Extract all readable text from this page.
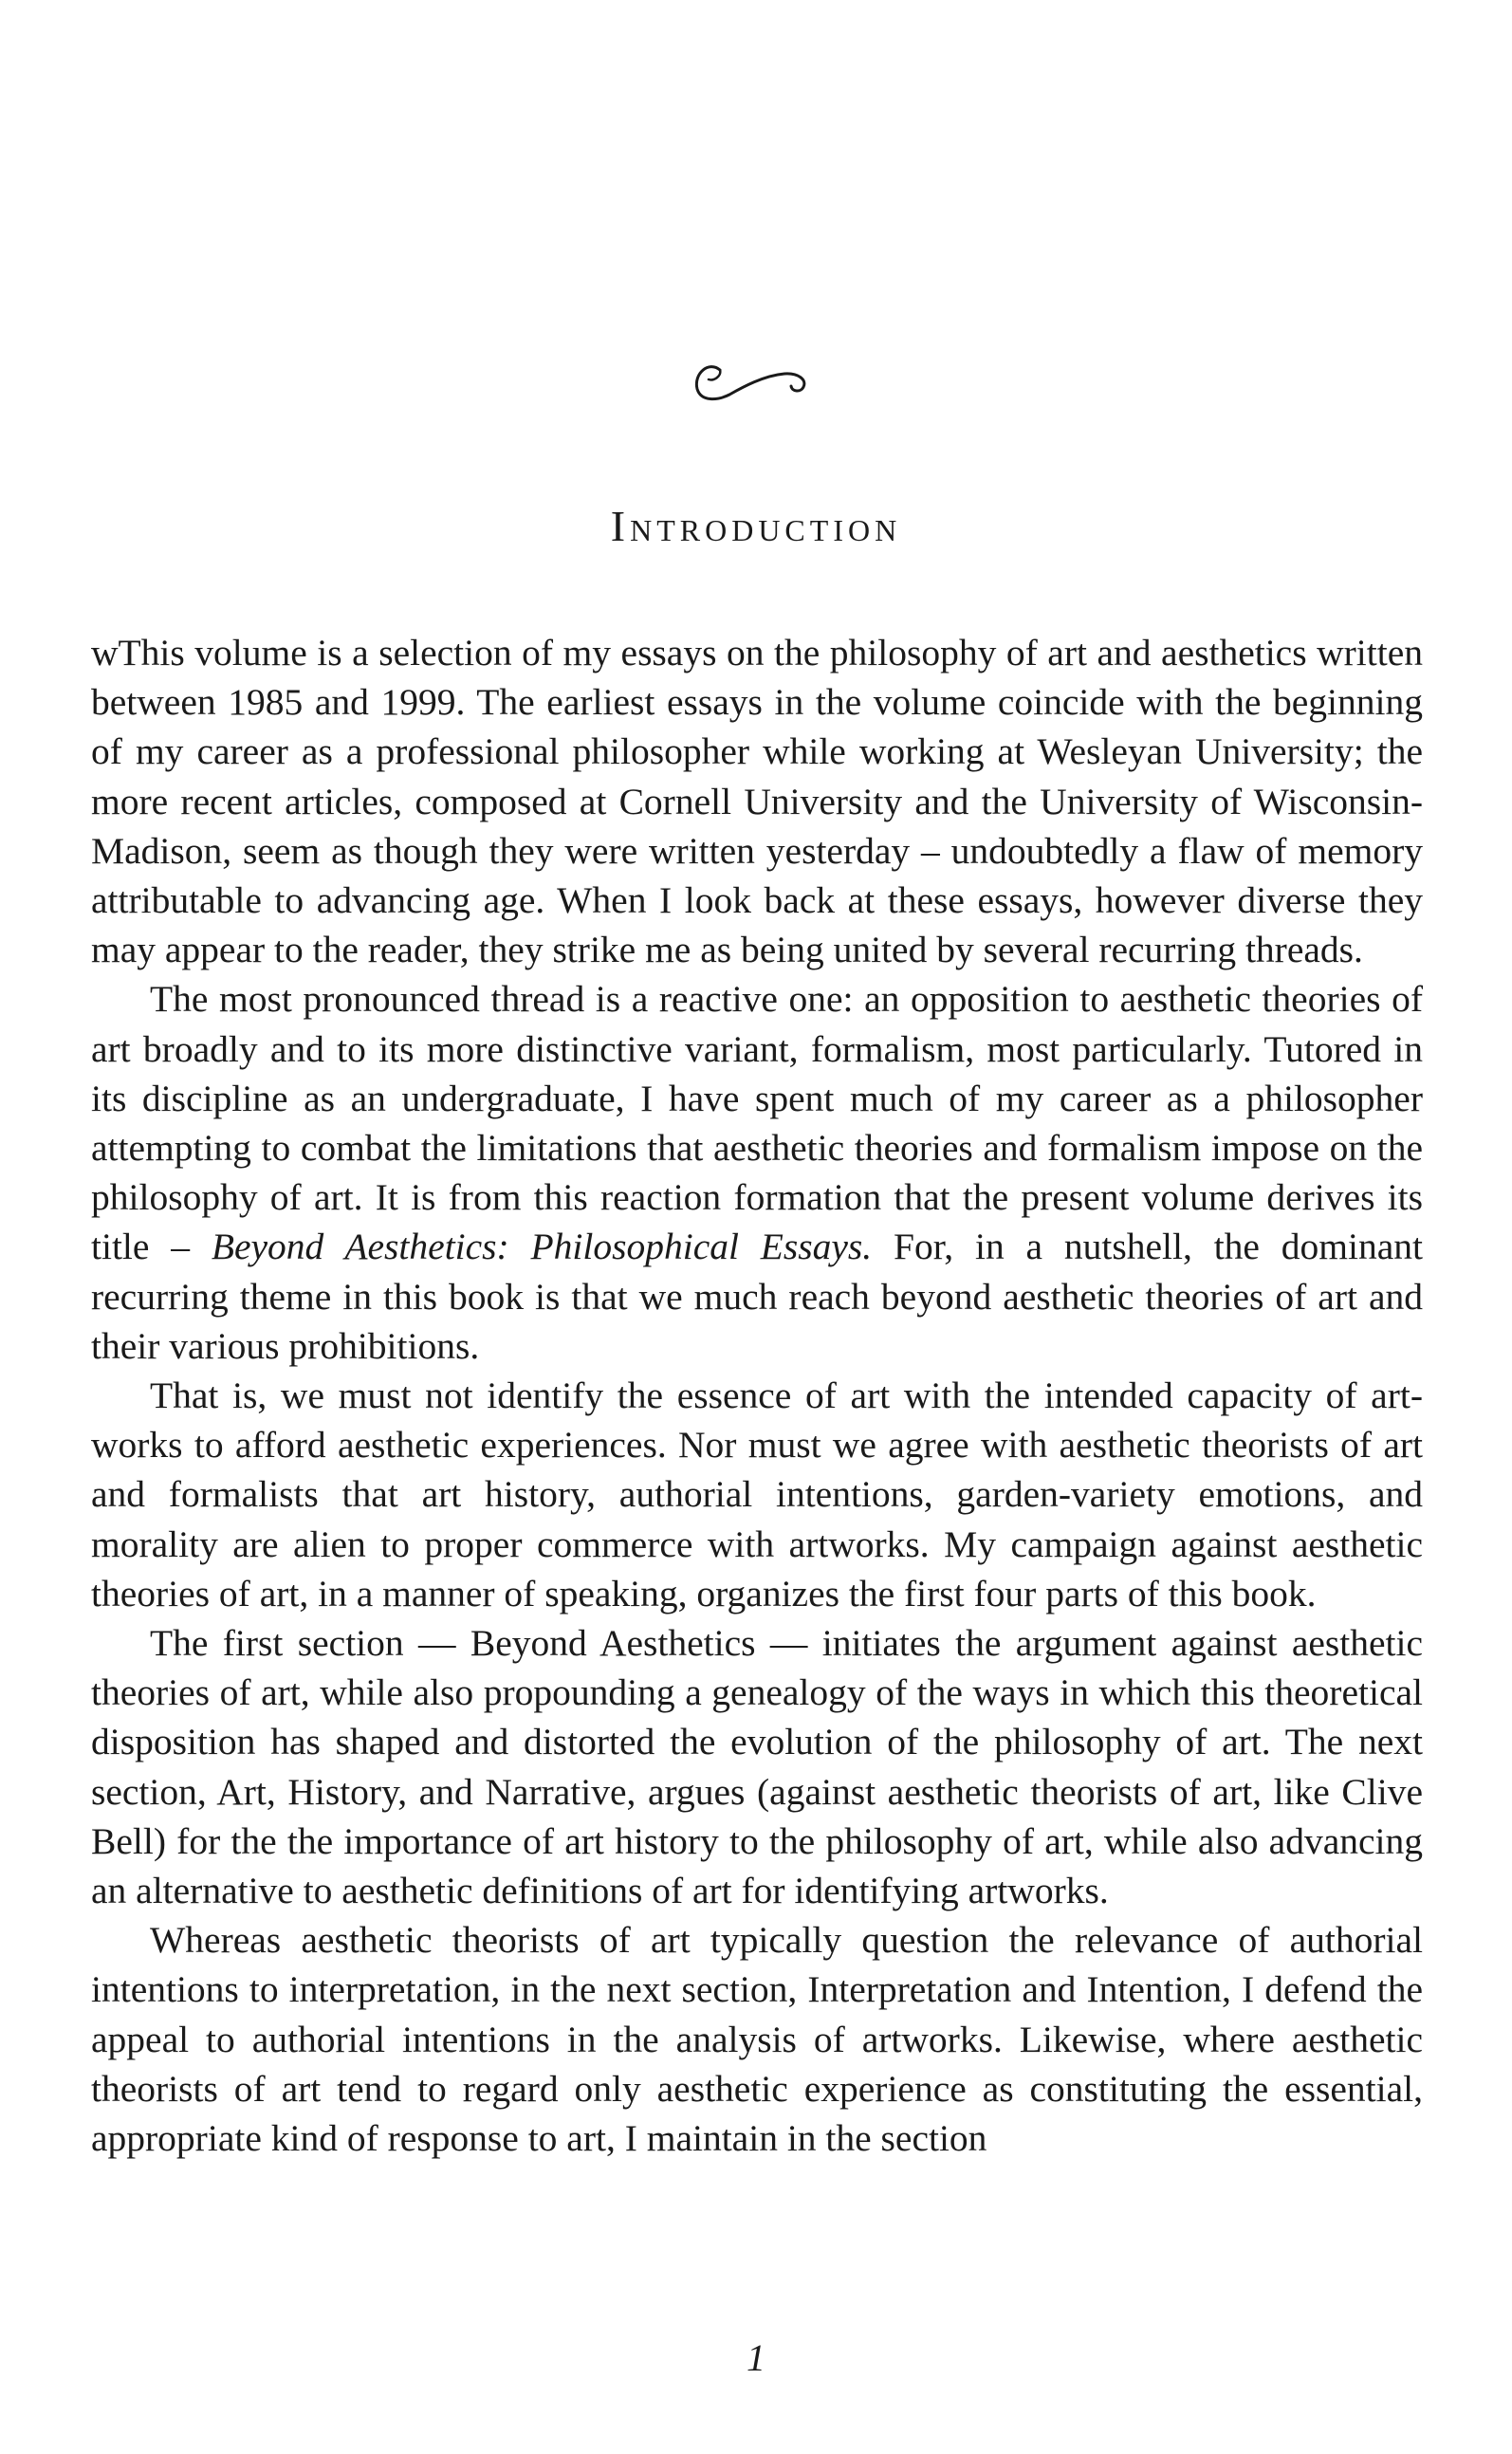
Introduction

wThis volume is a selection of my essays on the philosophy of art and aesthetics written between 1985 and 1999. The earliest essays in the volume coincide with the beginning of my career as a professional philosopher while working at Wesleyan University; the more recent articles, composed at Cornell University and the University of Wisconsin-Madison, seem as though they were written yesterday – undoubtedly a flaw of memory attributable to advancing age. When I look back at these essays, however diverse they may appear to the reader, they strike me as being united by several recurring threads.

The most pronounced thread is a reactive one: an opposition to aesthetic theories of art broadly and to its more distinctive variant, formalism, most particularly. Tutored in its discipline as an undergraduate, I have spent much of my career as a philosopher attempting to combat the limitations that aesthetic theories and formalism impose on the philosophy of art. It is from this reaction formation that the present volume derives its title – Beyond Aesthetics: Philosophical Essays. For, in a nutshell, the dominant recurring theme in this book is that we much reach beyond aesthetic theories of art and their various prohibitions.

That is, we must not identify the essence of art with the intended capacity of artworks to afford aesthetic experiences. Nor must we agree with aesthetic theorists of art and formalists that art history, authorial intentions, garden-variety emotions, and morality are alien to proper commerce with artworks. My campaign against aesthetic theories of art, in a manner of speaking, organizes the first four parts of this book.

The first section — Beyond Aesthetics — initiates the argument against aesthetic theories of art, while also propounding a genealogy of the ways in which this theoretical disposition has shaped and distorted the evolution of the philosophy of art. The next section, Art, History, and Narrative, argues (against aesthetic theorists of art, like Clive Bell) for the the importance of art history to the philosophy of art, while also advancing an alternative to aesthetic definitions of art for identifying artworks.

Whereas aesthetic theorists of art typically question the relevance of authorial intentions to interpretation, in the next section, Interpretation and Intention, I defend the appeal to authorial intentions in the analysis of artworks. Likewise, where aesthetic theorists of art tend to regard only aesthetic experience as constituting the essential, appropriate kind of response to art, I maintain in the section

1
